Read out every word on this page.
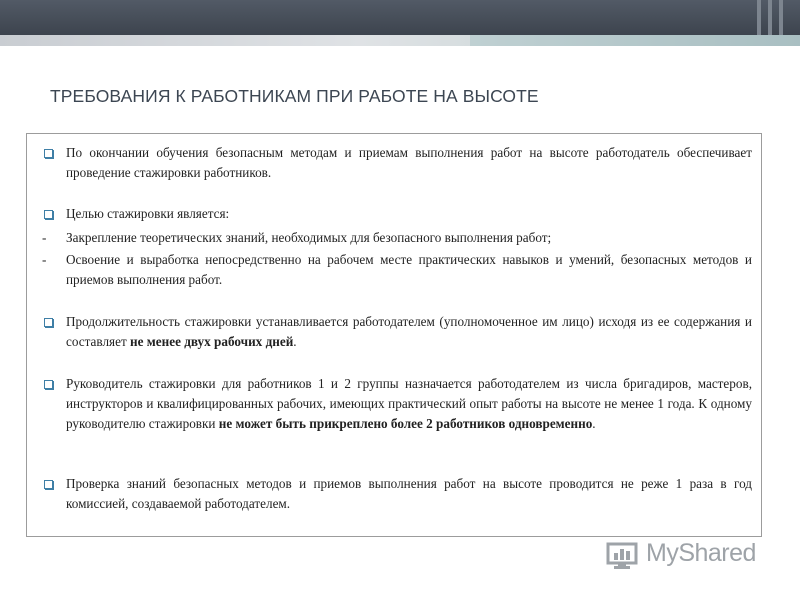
ТРЕБОВАНИЯ К РАБОТНИКАМ ПРИ РАБОТЕ НА ВЫСОТЕ
По окончании обучения безопасным методам и приемам выполнения работ на высоте работодатель обеспечивает проведение стажировки работников.
Целью стажировки является:
- Закрепление теоретических знаний, необходимых для безопасного выполнения работ;
- Освоение и выработка непосредственно на рабочем месте практических навыков и умений, безопасных методов и приемов выполнения работ.
Продолжительность стажировки устанавливается работодателем (уполномоченное им лицо) исходя из ее содержания и составляет не менее двух рабочих дней.
Руководитель стажировки для работников 1 и 2 группы назначается работодателем из числа бригадиров, мастеров, инструкторов и квалифицированных рабочих, имеющих практический опыт работы на высоте не менее 1 года. К одному руководителю стажировки не может быть прикреплено более 2 работников одновременно.
Проверка знаний безопасных методов и приемов выполнения работ на высоте проводится не реже 1 раза в год комиссией, создаваемой работодателем.
MyShared
